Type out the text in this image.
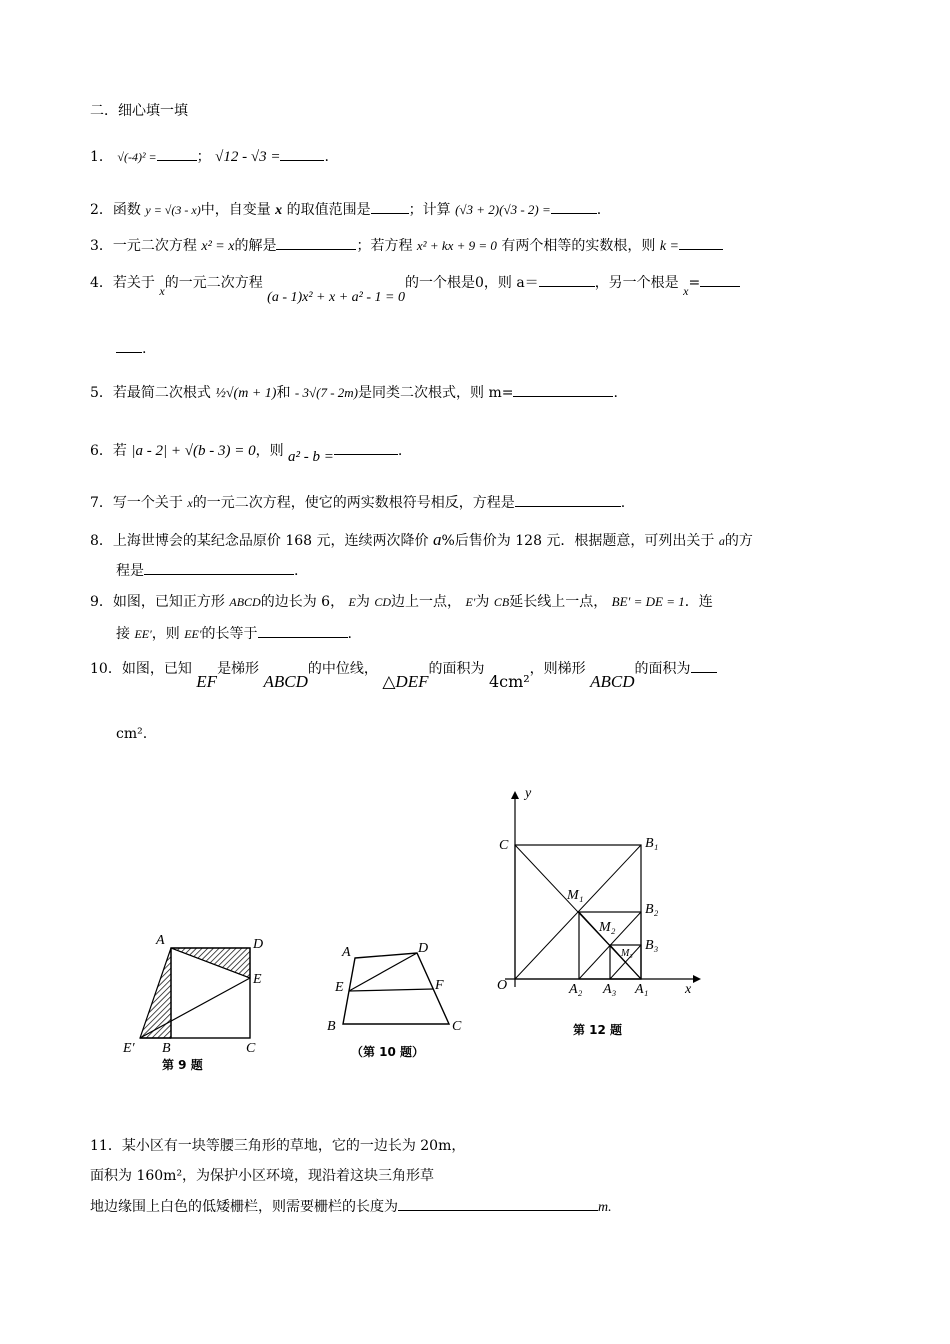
二．细心填一填
1． √(-4)² =	； √12 - √3 =	.
2．函数 y = √(3 - x)中，自变量 x 的取值范围是	；计算 (√3 + 2)(√3 - 2) =	.
3．一元二次方程 x² = x的解是	；若方程 x² + kx + 9 = 0 有两个相等的实数根，则 k =
4．若关于 x的一元二次方程 (a - 1)x² + x + a² - 1 = 0的一个根是0，则 a＝	，另一个根是 x=
.
5．若最简二次根式 ½√(m + 1)和 - 3√(7 - 2m)是同类二次根式，则 m=	.
6．若 |a - 2| + √(b - 3) = 0，则 a² - b =	.
7．写一个关于 x的一元二次方程，使它的两实数根符号相反，方程是	.
8．上海世博会的某纪念品原价 168 元，连续两次降价 a%后售价为 128 元．根据题意，可列出关于 a的方
程是	.
9．如图，已知正方形 ABCD的边长为 6， E为 CD边上一点， E′为 CB延长线上一点， BE′ = DE = 1．连
接 EE′，则 EE′的长等于	.
10．如图，已知 EF是梯形 ABCD的中位线， △DEF的面积为 4cm²，则梯形 ABCD的面积为
cm².
A	D
E
E′ B	C
第 9 题
A	D
E	F
B	C
（第 10 题）
y
x
C
O
B₁
B₂
B₃
M₁
M₂
M₃
A₂ A₃ A₁
第 12 题
11．某小区有一块等腰三角形的草地，它的一边长为 20m，
面积为 160m²，为保护小区环境，现沿着这块三角形草
地边缘围上白色的低矮栅栏，则需要栅栏的长度为	m.
